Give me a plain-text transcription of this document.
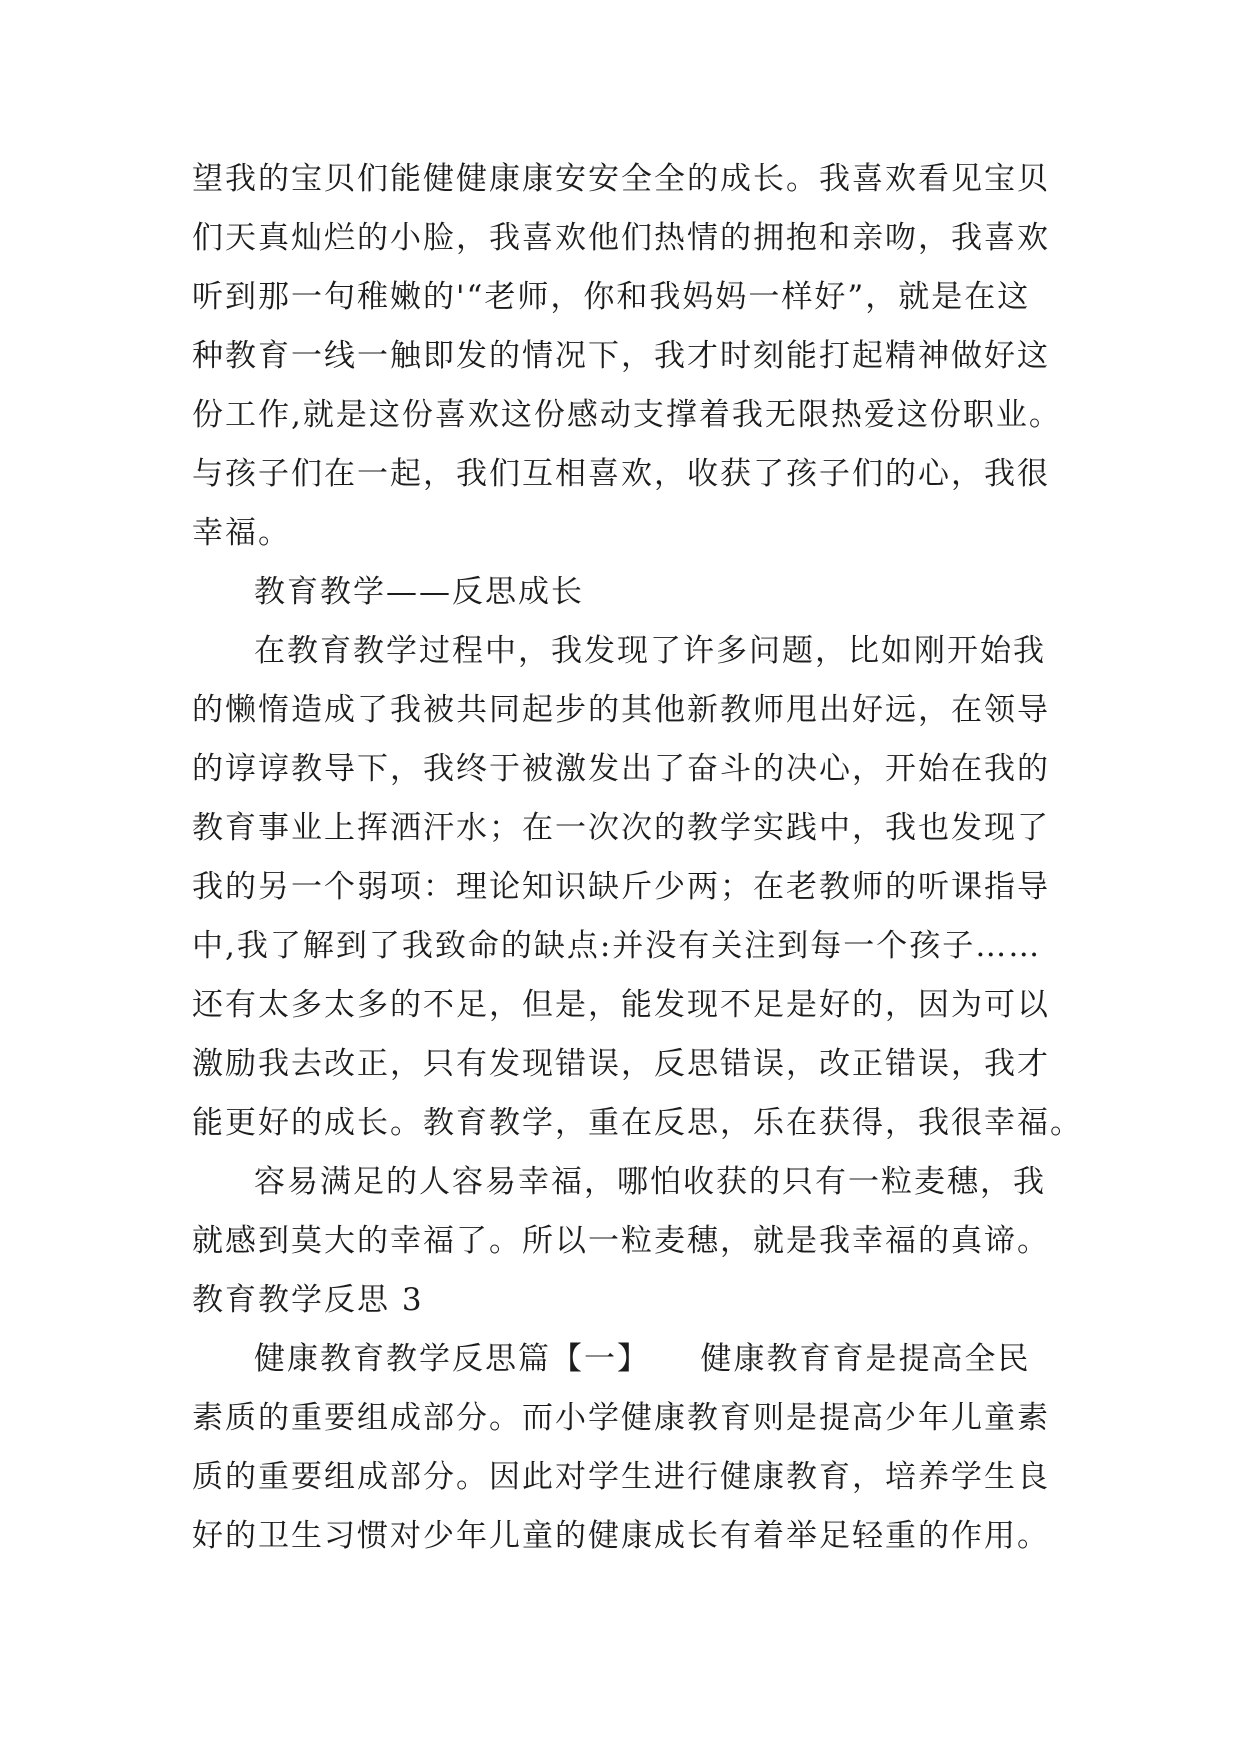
望我的宝贝们能健健康康安安全全的成长。我喜欢看见宝贝
们天真灿烂的小脸，我喜欢他们热情的拥抱和亲吻，我喜欢
听到那一句稚嫩的'“老师，你和我妈妈一样好”，就是在这
种教育一线一触即发的情况下，我才时刻能打起精神做好这
份工作,就是这份喜欢这份感动支撑着我无限热爱这份职业。
与孩子们在一起，我们互相喜欢，收获了孩子们的心，我很
幸福。
教育教学——反思成长
在教育教学过程中，我发现了许多问题，比如刚开始我
的懒惰造成了我被共同起步的其他新教师甩出好远，在领导
的谆谆教导下，我终于被激发出了奋斗的决心，开始在我的
教育事业上挥洒汗水；在一次次的教学实践中，我也发现了
我的另一个弱项：理论知识缺斤少两；在老教师的听课指导
中,我了解到了我致命的缺点:并没有关注到每一个孩子……
还有太多太多的不足，但是，能发现不足是好的，因为可以
激励我去改正，只有发现错误，反思错误，改正错误，我才
能更好的成长。教育教学，重在反思，乐在获得，我很幸福。
容易满足的人容易幸福，哪怕收获的只有一粒麦穗，我
就感到莫大的幸福了。所以一粒麦穗，就是我幸福的真谛。
教育教学反思 3
健康教育教学反思篇【一】　　健康教育育是提高全民
素质的重要组成部分。而小学健康教育则是提高少年儿童素
质的重要组成部分。因此对学生进行健康教育，培养学生良
好的卫生习惯对少年儿童的健康成长有着举足轻重的作用。
